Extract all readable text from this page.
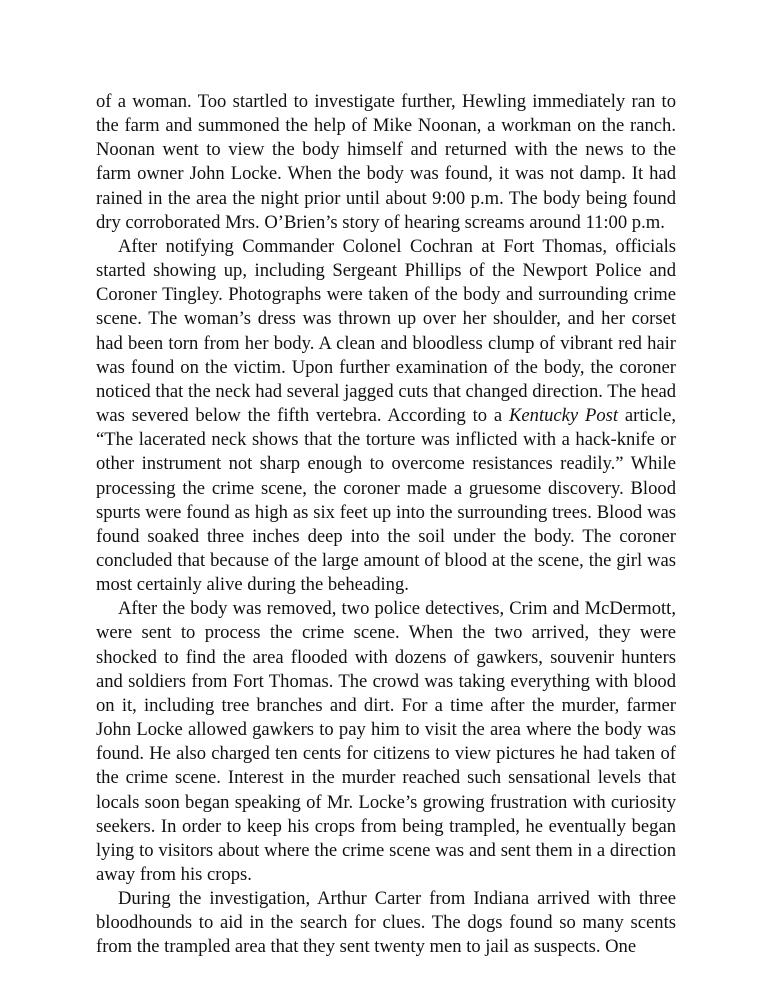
of a woman. Too startled to investigate further, Hewling immediately ran to the farm and summoned the help of Mike Noonan, a workman on the ranch. Noonan went to view the body himself and returned with the news to the farm owner John Locke. When the body was found, it was not damp. It had rained in the area the night prior until about 9:00 p.m. The body being found dry corroborated Mrs. O’Brien’s story of hearing screams around 11:00 p.m.

After notifying Commander Colonel Cochran at Fort Thomas, officials started showing up, including Sergeant Phillips of the Newport Police and Coroner Tingley. Photographs were taken of the body and surrounding crime scene. The woman’s dress was thrown up over her shoulder, and her corset had been torn from her body. A clean and bloodless clump of vibrant red hair was found on the victim. Upon further examination of the body, the coroner noticed that the neck had several jagged cuts that changed direction. The head was severed below the fifth vertebra. According to a Kentucky Post article, “The lacerated neck shows that the torture was inflicted with a hack-knife or other instrument not sharp enough to overcome resistances readily.” While processing the crime scene, the coroner made a gruesome discovery. Blood spurts were found as high as six feet up into the surrounding trees. Blood was found soaked three inches deep into the soil under the body. The coroner concluded that because of the large amount of blood at the scene, the girl was most certainly alive during the beheading.

After the body was removed, two police detectives, Crim and McDermott, were sent to process the crime scene. When the two arrived, they were shocked to find the area flooded with dozens of gawkers, souvenir hunters and soldiers from Fort Thomas. The crowd was taking everything with blood on it, including tree branches and dirt. For a time after the murder, farmer John Locke allowed gawkers to pay him to visit the area where the body was found. He also charged ten cents for citizens to view pictures he had taken of the crime scene. Interest in the murder reached such sensational levels that locals soon began speaking of Mr. Locke’s growing frustration with curiosity seekers. In order to keep his crops from being trampled, he eventually began lying to visitors about where the crime scene was and sent them in a direction away from his crops.

During the investigation, Arthur Carter from Indiana arrived with three bloodhounds to aid in the search for clues. The dogs found so many scents from the trampled area that they sent twenty men to jail as suspects. One
